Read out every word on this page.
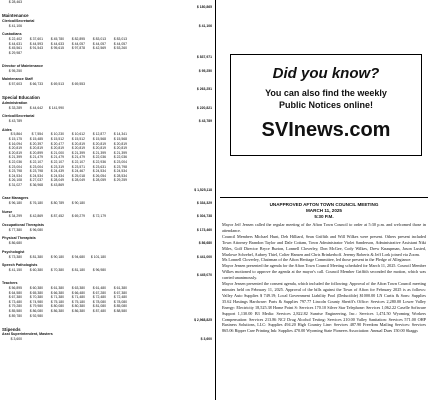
$ 28,463
$ 180,865
Maintenance
Clerical/Secretarial
$ 41,106	$ 41,106
Custodians
$ 22,402	$ 37,601	$ 45,780	$ 82,895	$ 83,013	$ 83,013
$ 44,631	$ 44,593	$ 44,633	$ 44,057	$ 44,057	$ 44,057
$ 45,561	$ 91,543	$ 95,615	$ 97,878	$ 42,569	$ 53,260
$ 29,987
$ 837,971
Director of Maintenance
$ 95,250	$ 95,250
Maintenance Staff
$ 57,603	$ 66,733	$ 69,513	$ 69,553
$ 263,251
Special Education
Administration
$ 33,289	$ 44,642	$ 141,990	$ 220,821
Clerical/Secretarial
$ 43,789	$ 43,789
Aides
$ 5,864	$ 7,554	$ 10,230	$ 10,612	$ 12,877	$ 14,341
$ 15,175	$ 15,485	$ 15,512	$ 15,512	$ 15,568	$ 15,568
$ 16,094	$ 20,397	$ 20,477	$ 20,819	$ 20,819	$ 20,819
$ 20,819	$ 20,819	$ 20,819	$ 20,819	$ 20,819	$ 20,819
$ 20,819	$ 20,899	$ 21,000	$ 21,399	$ 21,399	$ 21,399
$ 21,399	$ 21,479	$ 21,479	$ 21,479	$ 22,036	$ 22,036
$ 22,036	$ 22,107	$ 22,107	$ 22,107	$ 22,936	$ 23,004
$ 23,004	$ 23,004	$ 23,319	$ 23,571	$ 23,631	$ 23,798
$ 23,798	$ 23,798	$ 24,439	$ 24,467	$ 24,534	$ 24,534
$ 24,534	$ 24,534	$ 24,534	$ 25,018	$ 26,054	$ 28,534
$ 26,108	$ 27,037	$ 28,049	$ 28,049	$ 28,059	$ 29,259
$ 31,027	$ 36,968	$ 43,869
$ 1,525,118
Case Managers
$ 96,180	$ 76,180	$ 80,789	$ 90,180	$ 334,329
Nurse
$ 34,299	$ 42,869	$ 87,452	$ 69,279	$ 72,179	$ 304,738
Occupational Therapists
$ 77,380	$ 96,080	$ 173,460
Physical Therapists
$ 86,680	$ 86,680
Psychologist
$ 73,380	$ 81,380	$ 90,180	$ 94,680	$ 101,180	$ 441,000
Speech Pathologists
$ 41,150	$ 60,380	$ 70,380	$ 81,180	$ 96,980
$ 445,070
Teachers
$ 56,895	$ 60,380	$ 61,380	$ 63,380	$ 61,480	$ 61,380
$ 64,580	$ 65,380	$ 66,380	$ 66,480	$ 67,280	$ 67,380
$ 67,380	$ 70,380	$ 71,380	$ 71,480	$ 72,480	$ 72,480
$ 73,480	$ 74,980	$ 75,180	$ 75,180	$ 78,080	$ 78,080
$ 79,280	$ 79,980	$ 80,080	$ 80,380	$ 81,080	$ 85,080
$ 85,580	$ 86,080	$ 86,380	$ 86,380	$ 87,480	$ 88,580
$ 89,780	$ 92,980
$ 2,968,825
Stipends
Asst Superintendent, Masters
$ 3,600	$ 3,600
Did you know?
You can also find the weekly
Public Notices online!
SVInews.com
UNAPPROVED AFTON TOWN COUNCIL MEETING
MARCH 11, 2025
5:30 P.M.

Mayor Jeff Jensen called the regular meeting of the Afton Town Council to order at 5:30 p.m. and welcomed those in attendance.

Council Members Michael Hunt, Deb Hilliard, Sean Griffith and Will Wilkes were present. Others present included Town Attorney Brandon Taylor and Dale Cottam, Town Administrator Violet Sanderson, Administrative Assistant Niki Miles, Golf Director Bryce Burton, Lonnell Cloverley, Don McGee, Cody Wilkes, Drew Knaupman, Jason Lusted, Marlowe Schrebel, Aubrey Thiel, Colter Hansen and Chris Brinkerhoff. Jeremy Roberts & Jeff Lork joined via Zoom.

Ms Lonnell Cloverley, Chairman of the Afton Heritage Committee, led those present in the Pledge of Allegiance.

Mayor Jensen presented the agenda for the Afton Town Council Meeting scheduled for March 11, 2025. Council Member Wilkes motioned to approve the agenda at the mayor's call. Council Member Griffith seconded the motion, which was carried unanimously.

Mayor Jensen presented the consent agenda, which included the following: Approval of the Afton Town Council meeting minutes held on February 11, 2025. Approval of the bills against the Town of Afton for February 2025 is as follows: Valley Auto Supplies $ 749.19; Local Government Liability Pool (Deductible) $1000.00 LN Curtis & Sons: Supplies 35.62 Hastings Hardware: Parts & Supplies 797.77 Lincoln County Sheriff's Office: Services 2,280.00 Lower Valley Energy: Electricity 18,525.38 Home Point S: Services 170.10 Silver Star Telephone: Services 1,062.22 Caselle Software Support 1,130.00 B3 Media: Services 2,822.82 Sunrise Engineering, Inc.: Services 1,474.50 Wyoming Workers Compensation: Services 213.86 NCJ Drug Alcohol Testing: Services 210.00 Valley Sanitation: Services 571.00 OHP Business Solutions, LLC: Supplies 494.20 High Country Line: Services 487.90 Freedom Mailing Services: Services 865.06 Ripper Care Printing Ink: Supplies 470.00 Wyoming State Pioneers Association: Annual Dues 150.00 Skaggs
